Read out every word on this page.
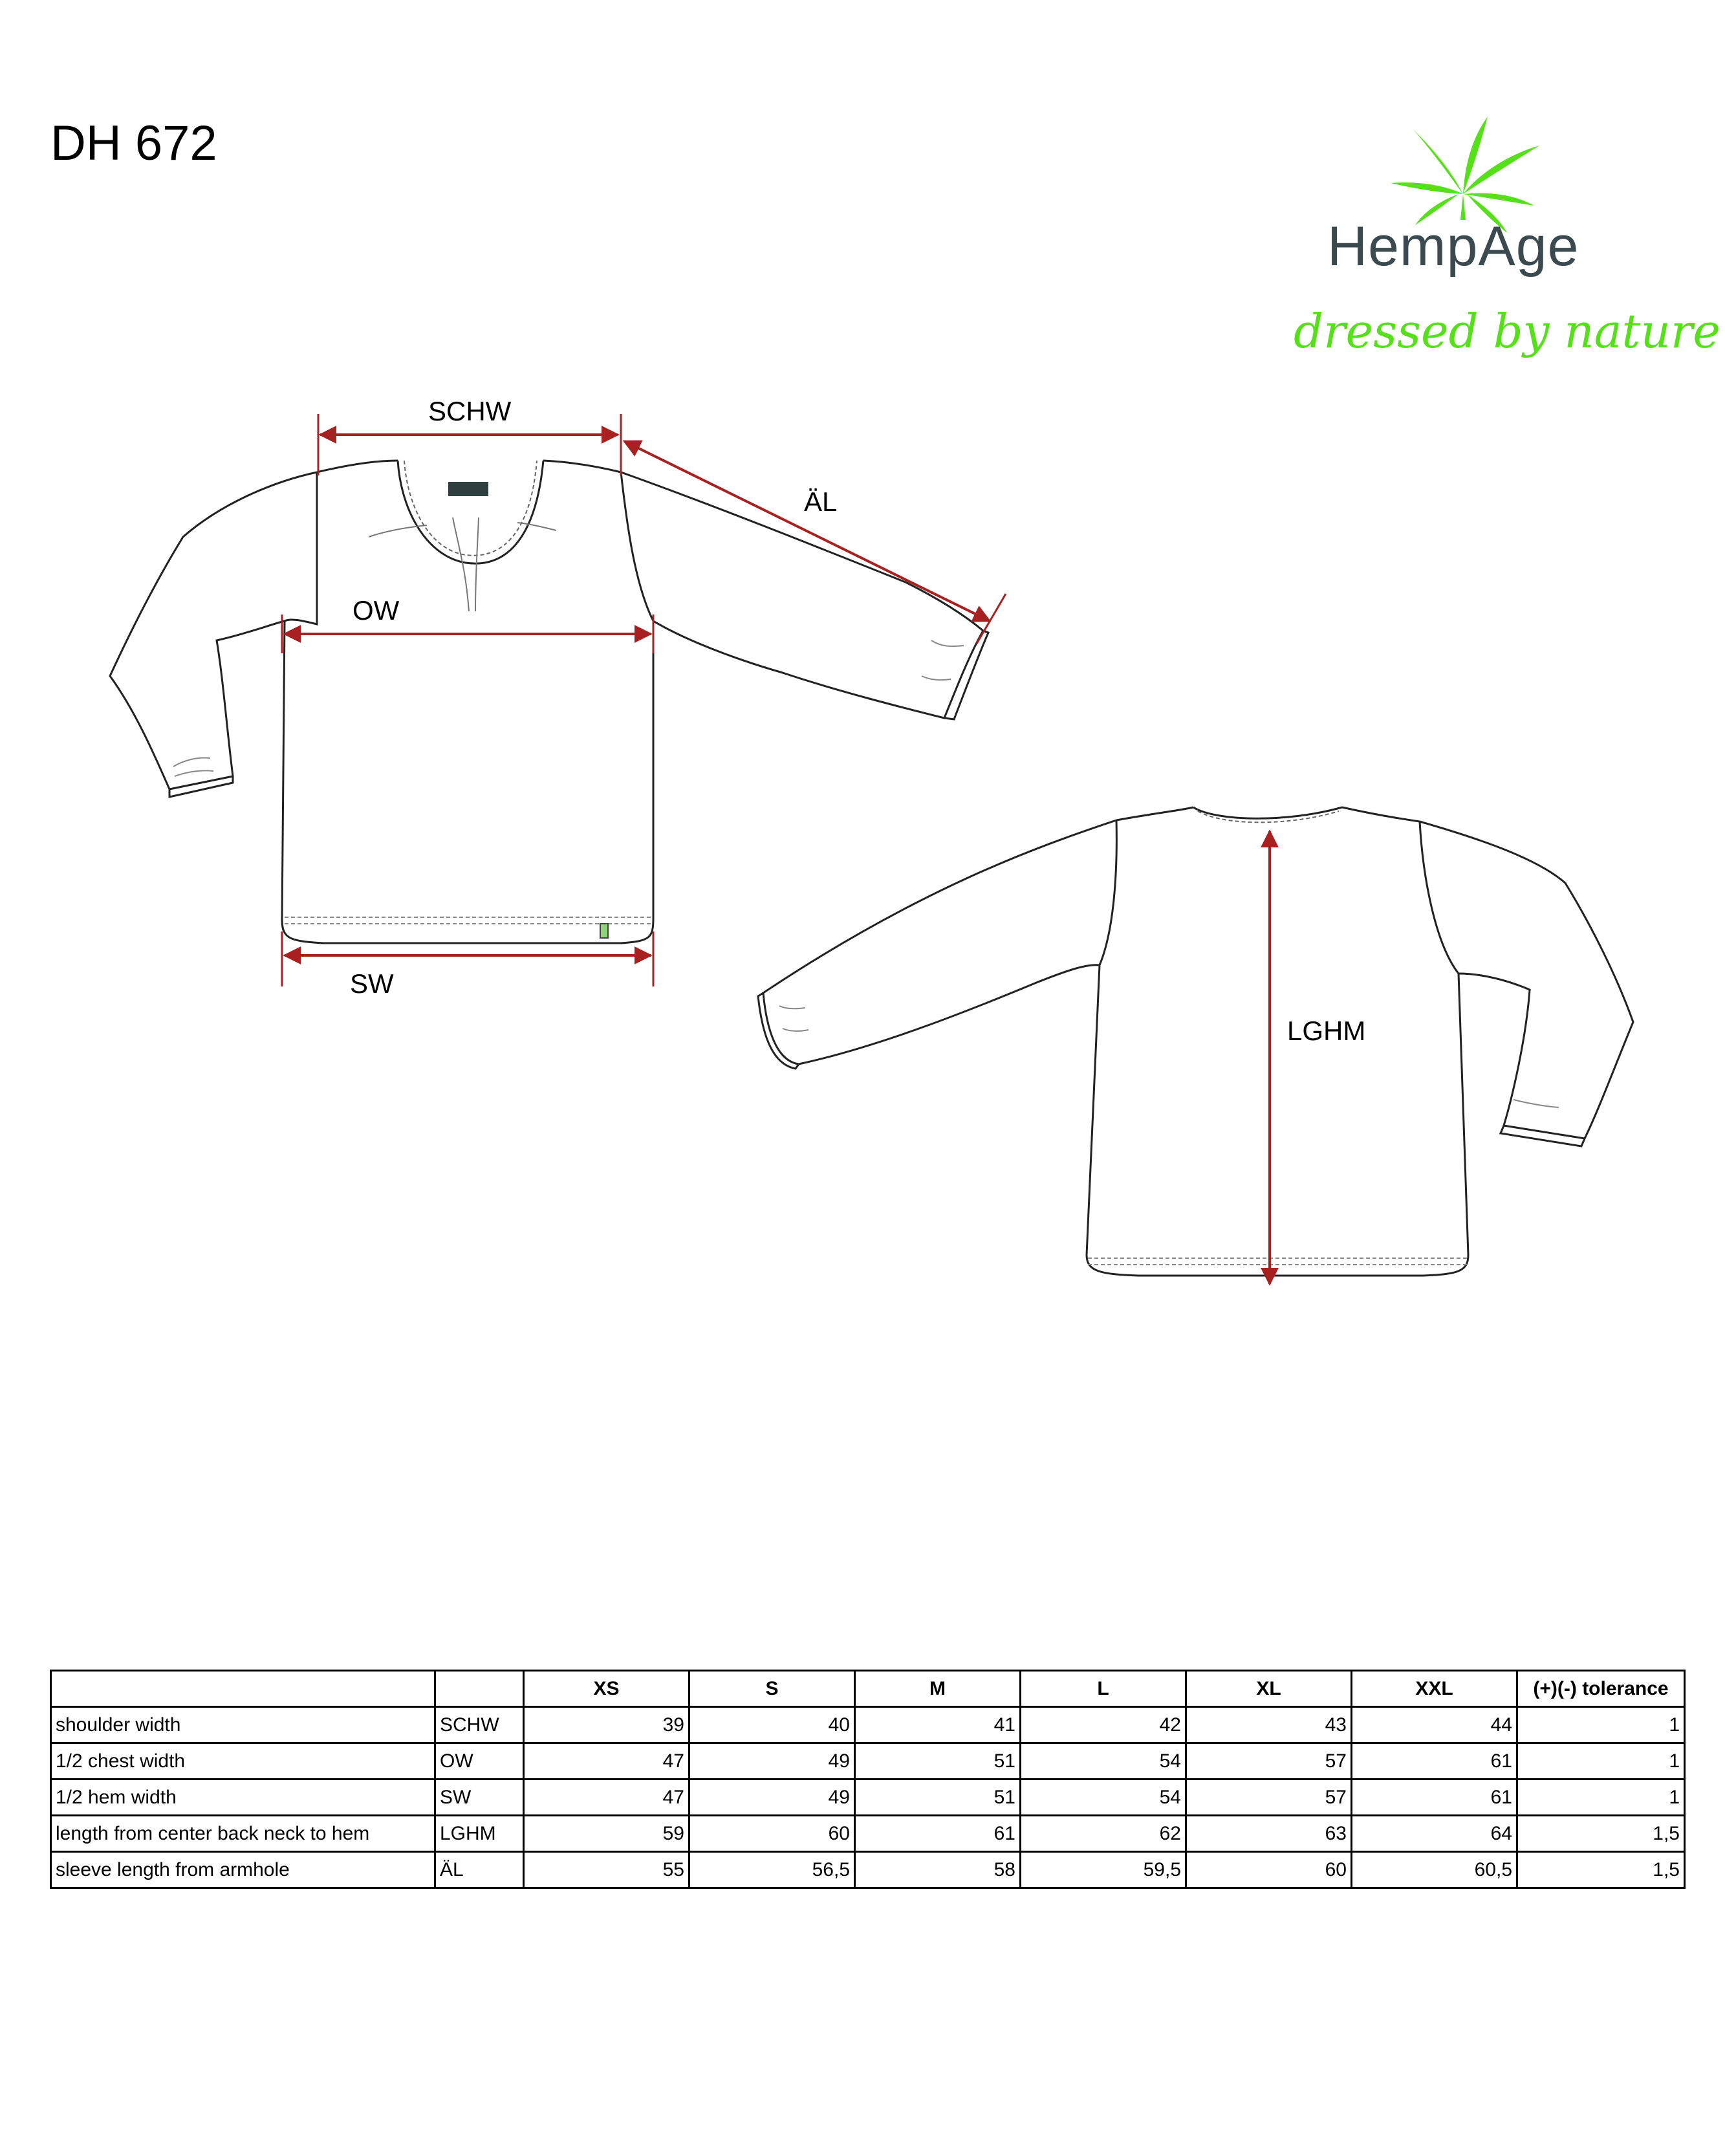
DH 672
HempAge
dressed by nature
SCHW
ÄL
OW
SW
LGHM
		XS	S	M	L	XL	XXL	(+)(-) tolerance
shoulder width	SCHW	39	40	41	42	43	44	1
1/2 chest width	OW	47	49	51	54	57	61	1
1/2 hem width	SW	47	49	51	54	57	61	1
length from center back neck to hem	LGHM	59	60	61	62	63	64	1,5
sleeve length from armhole	ÄL	55	56,5	58	59,5	60	60,5	1,5
